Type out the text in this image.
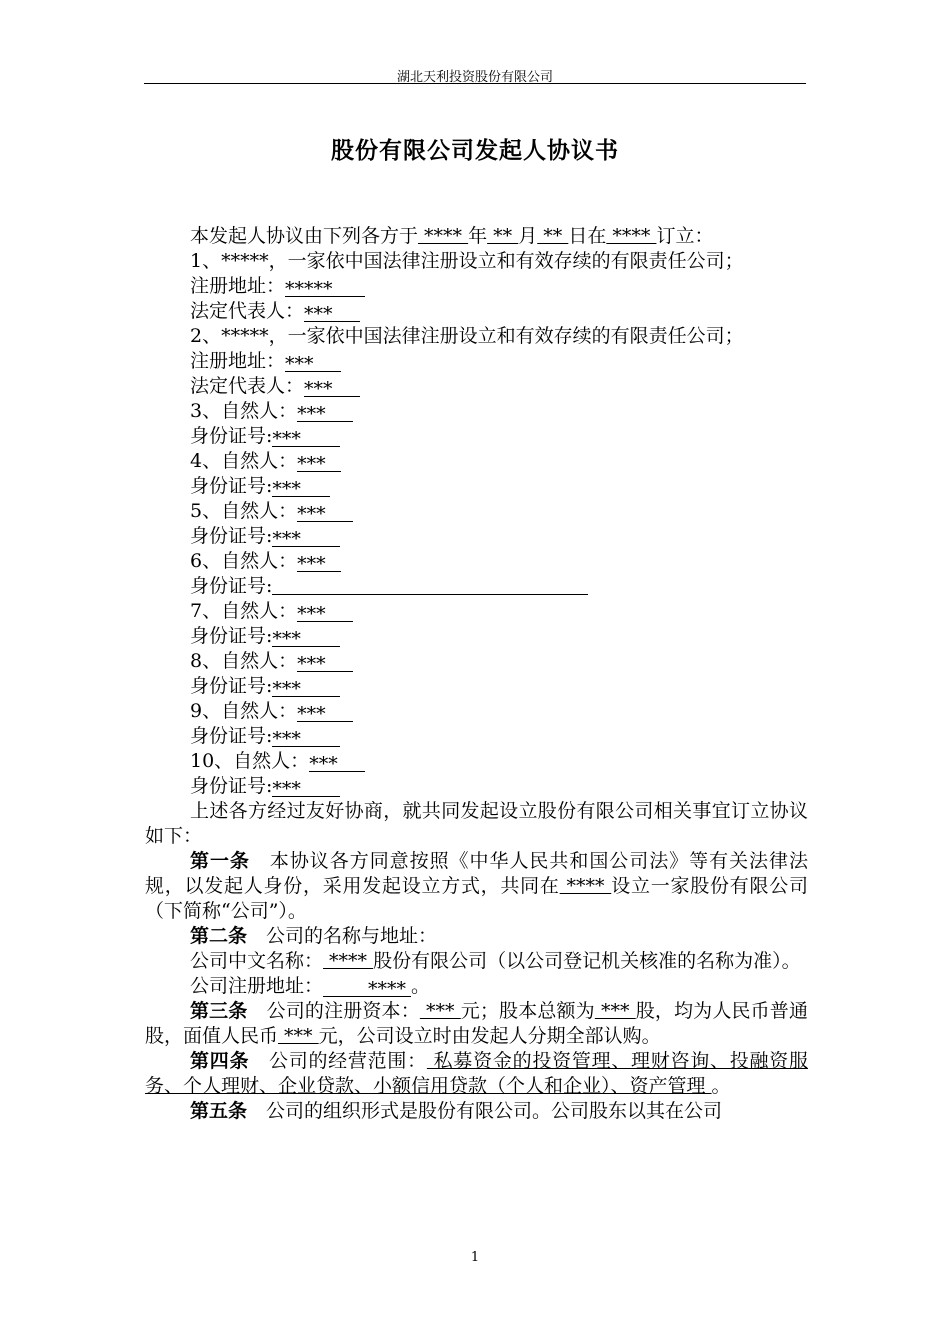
湖北天利投资股份有限公司
股份有限公司发起人协议书

本发起人协议由下列各方于 **** 年 ** 月 ** 日在 **** 订立：

1、*****，一家依中国法律注册设立和有效存续的有限责任公司；

注册地址：*****

法定代表人：***

2、*****，一家依中国法律注册设立和有效存续的有限责任公司；

注册地址：***

法定代表人：***

3、自然人：***

身份证号:***

4、自然人：***

身份证号:***

5、自然人：***

身份证号:***

6、自然人：***

身份证号:

7、自然人：***

身份证号:***

8、自然人：***

身份证号:***

9、自然人：***

身份证号:***

10、自然人：***

身份证号:***

上述各方经过友好协商，就共同发起设立股份有限公司相关事宜订立协议如下：

第一条　 本协议各方同意按照《中华人民共和国公司法》等有关法律法规，以发起人身份，采用发起设立方式，共同在 **** 设立一家股份有限公司（下简称“公司”）。

第二条　 公司的名称与地址：

公司中文名称： **** 股份有限公司（以公司登记机关核准的名称为准）。

公司注册地址： ****。

第三条　 公司的注册资本： *** 元；股本总额为 *** 股，均为人民币普通股，面值人民币 *** 元，公司设立时由发起人分期全部认购。

第四条　 公司的经营范围： 私募资金的投资管理、理财咨询、投融资服务、个人理财、企业贷款、小额信用贷款（个人和企业）、资产管理 。

第五条　 公司的组织形式是股份有限公司。公司股东以其在公司

1
